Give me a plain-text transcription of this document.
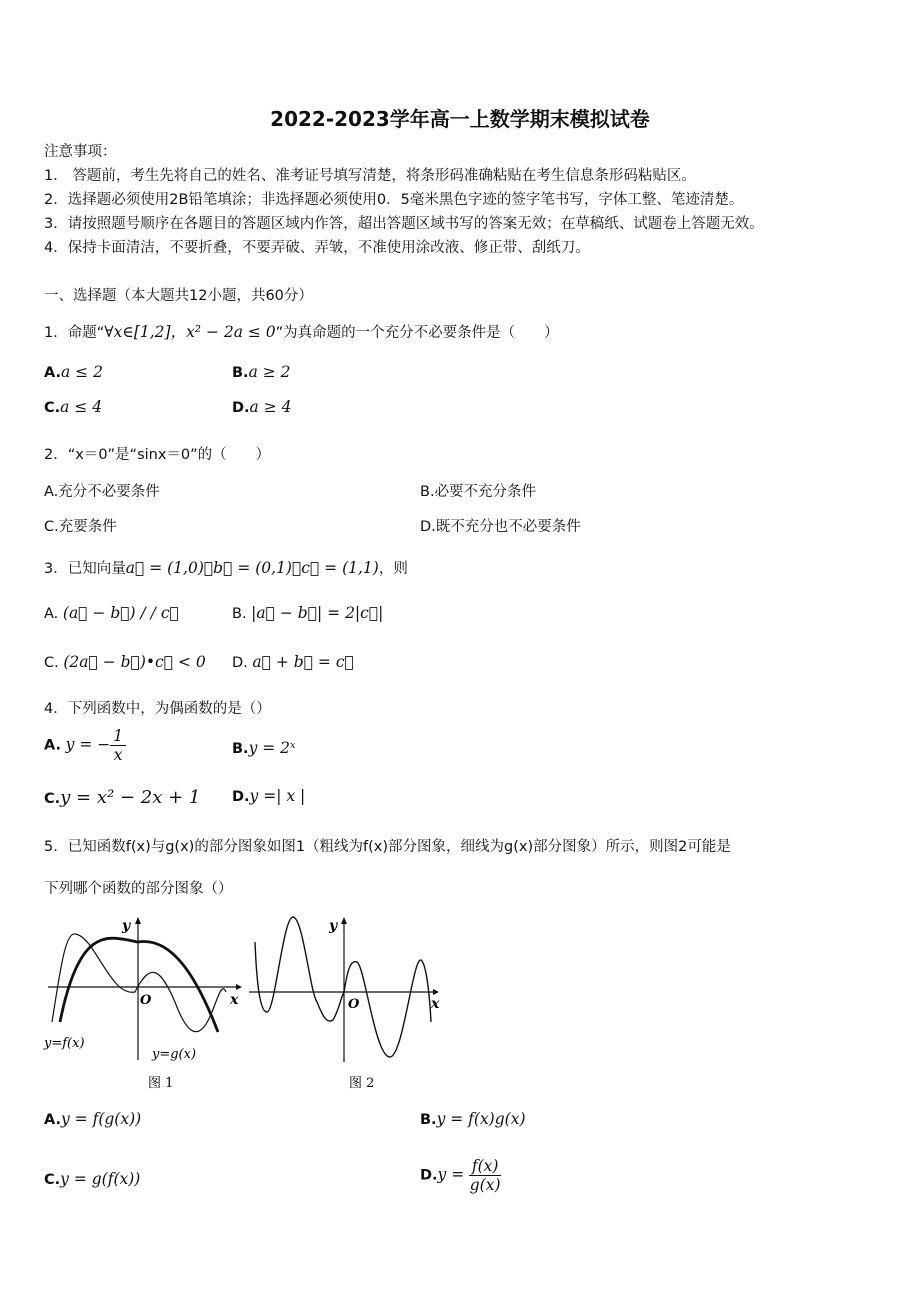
2022-2023学年高一上数学期末模拟试卷
注意事项：
1． 答题前，考生先将自己的姓名、准考证号填写清楚，将条形码准确粘贴在考生信息条形码粘贴区。
2．选择题必须使用2B铅笔填涂；非选择题必须使用0．5毫米黑色字迹的签字笔书写，字体工整、笔迹清楚。
3．请按照题号顺序在各题目的答题区域内作答，超出答题区域书写的答案无效；在草稿纸、试题卷上答题无效。
4．保持卡面清洁，不要折叠，不要弄破、弄皱，不准使用涂改液、修正带、刮纸刀。
一、选择题（本大题共12小题，共60分）
1．命题“∀x∈[1,2]，x² − 2a ≤ 0”为真命题的一个充分不必要条件是（　　）
A.a ≤ 2	B.a ≥ 2
C.a ≤ 4	D.a ≥ 4
2．“x＝0”是“sinx＝0”的（　　）
A.充分不必要条件	B.必要不充分条件
C.充要条件	D.既不充分也不必要条件
3．已知向量a⃗ = (1,0)，b⃗ = (0,1)，c⃗ = (1,1)，则
A. (a⃗ − b⃗) / / c⃗	B. |a⃗ − b⃗| = 2|c⃗|
C. (2a⃗ − b⃗)•c⃗ < 0 D. a⃗ + b⃗ = c⃗
4．下列函数中，为偶函数的是（）
A. y = − $\frac{1}{x}$	B.y = 2ˣ
C.y = x² − 2x + 1 D.y =| x |
5．已知函数f(x)与g(x)的部分图象如图1（粗线为f(x)部分图象，细线为g(x)部分图象）所示，则图2可能是
下列哪个函数的部分图象（）
y
x
O
y=f(x)
y=g(x)
图 1
y
x
O
图 2
A.y = f(g(x))	B.y = f(x)g(x)
C.y = g(f(x))	$D.y = \frac{f(x)}{g(x)}$
